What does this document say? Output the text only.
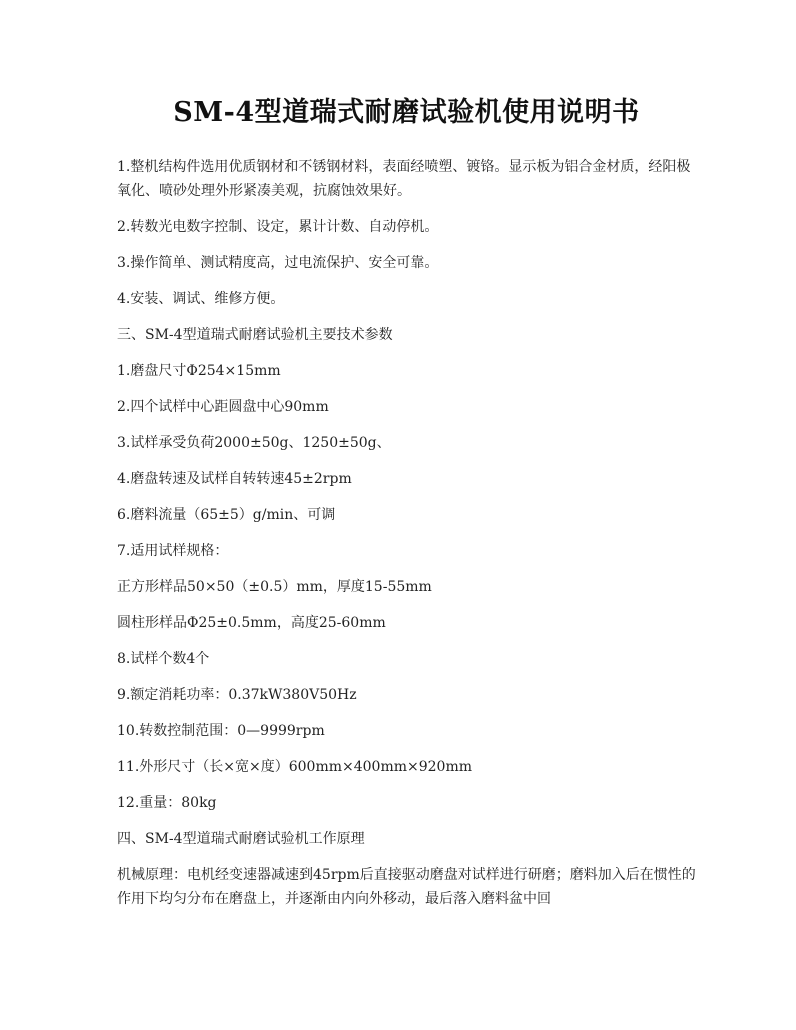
SM-4型道瑞式耐磨试验机使用说明书

1.整机结构件选用优质钢材和不锈钢材料，表面经喷塑、镀铬。显示板为铝合金材质，经阳极氧化、喷砂处理外形紧凑美观，抗腐蚀效果好。

2.转数光电数字控制、设定，累计计数、自动停机。

3.操作简单、测试精度高，过电流保护、安全可靠。

4.安装、调试、维修方便。

三、SM-4型道瑞式耐磨试验机主要技术参数

1.磨盘尺寸Φ254×15mm

2.四个试样中心距圆盘中心90mm

3.试样承受负荷2000±50g、1250±50g、

4.磨盘转速及试样自转转速45±2rpm

6.磨料流量（65±5）g/min、可调

7.适用试样规格：

正方形样品50×50（±0.5）mm，厚度15-55mm

圆柱形样品Φ25±0.5mm，高度25-60mm

8.试样个数4个

9.额定消耗功率：0.37kW380V50Hz

10.转数控制范围：0—9999rpm

11.外形尺寸（长×宽×度）600mm×400mm×920mm

12.重量：80kg

四、SM-4型道瑞式耐磨试验机工作原理

机械原理：电机经变速器减速到45rpm后直接驱动磨盘对试样进行研磨；磨料加入后在惯性的作用下均匀分布在磨盘上，并逐渐由内向外移动，最后落入磨料盆中回
